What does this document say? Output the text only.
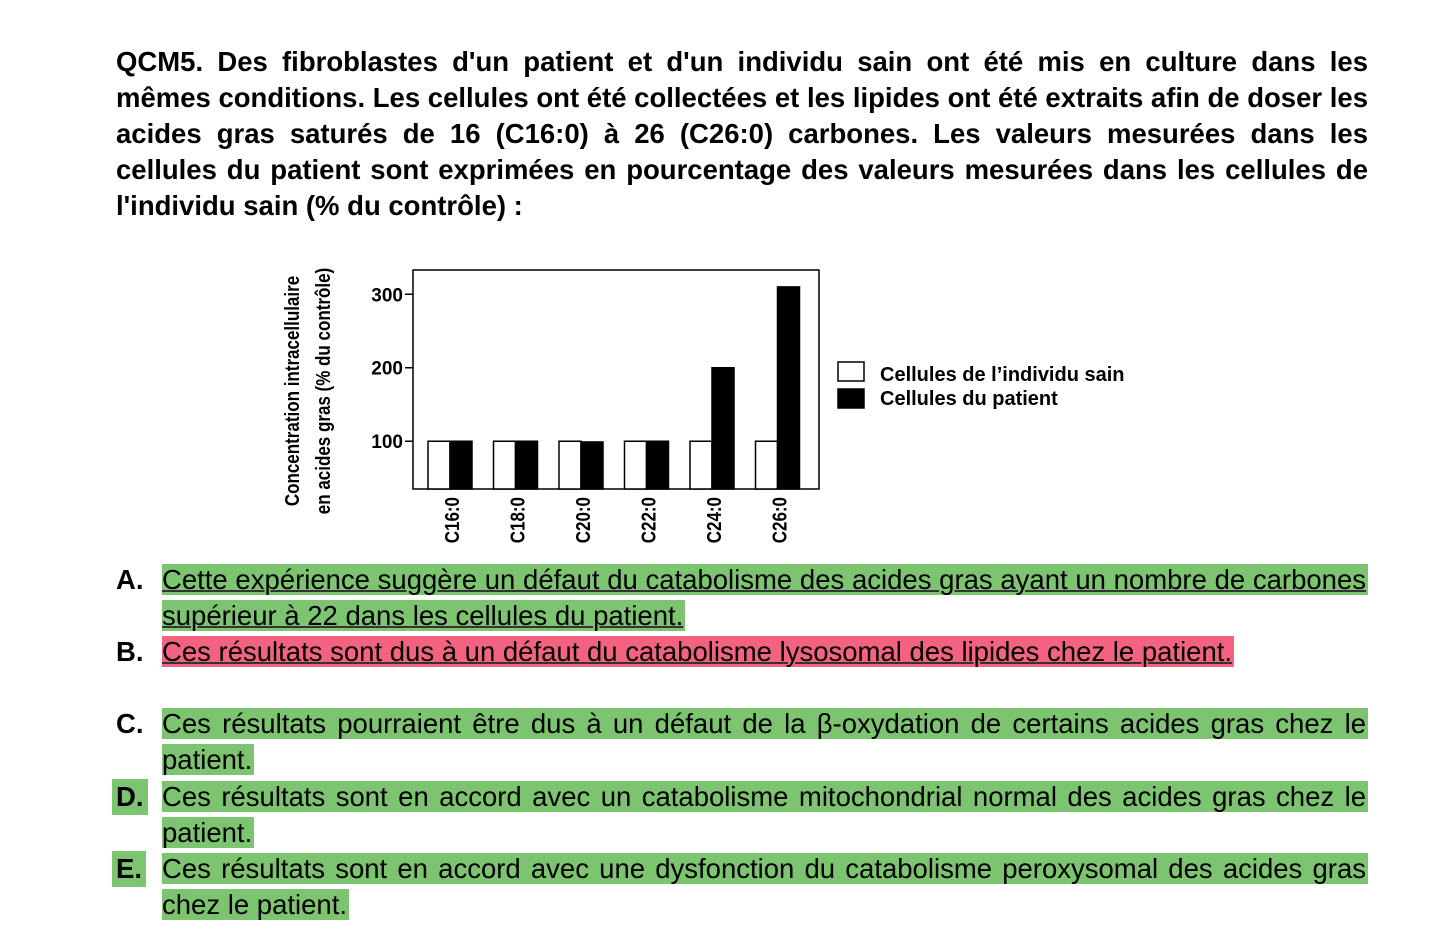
QCM5. Des fibroblastes d'un patient et d'un individu sain ont été mis en culture dans les mêmes conditions. Les cellules ont été collectées et les lipides ont été extraits afin de doser les acides gras saturés de 16 (C16:0) à 26 (C26:0) carbones. Les valeurs mesurées dans les cellules du patient sont exprimées en pourcentage des valeurs mesurées dans les cellules de l'individu sain (% du contrôle) :

Concentration intracellulaire en acides gras (% du contrôle) 100
200
300
C16:0 C18:0 C20:0 C22:0 C24:0 C26:0
Cellules de l’individu sain
Cellules du patient
A. Cette expérience suggère un défaut du catabolisme des acides gras ayant un nombre de carbones supérieur à 22 dans les cellules du patient.
B. Ces résultats sont dus à un défaut du catabolisme lysosomal des lipides chez le patient.
C. Ces résultats pourraient être dus à un défaut de la β-oxydation de certains acides gras chez le patient.
D. Ces résultats sont en accord avec un catabolisme mitochondrial normal des acides gras chez le patient.
E. Ces résultats sont en accord avec une dysfonction du catabolisme peroxysomal des acides gras chez le patient.
